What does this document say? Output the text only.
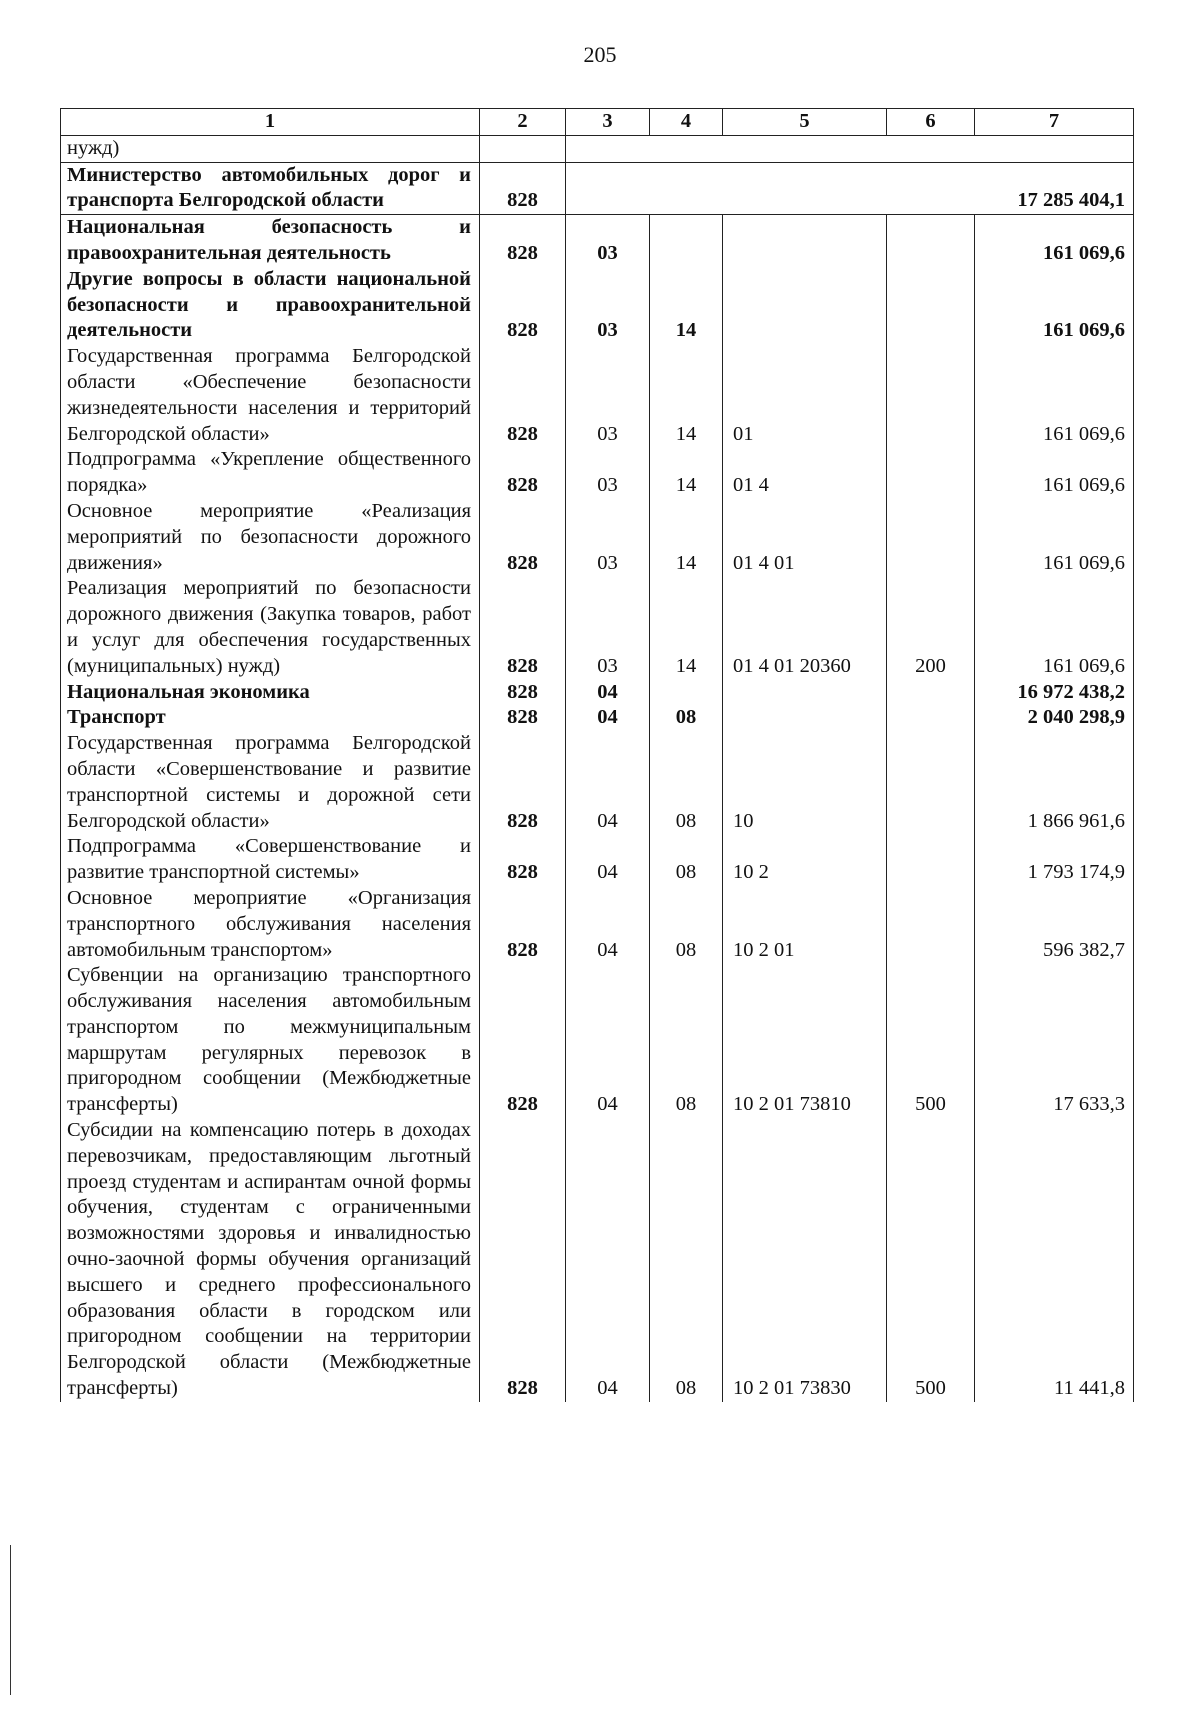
205
1	2	3	4	5	6	7
нужд)						
Министерство автомобильных дорог и транспорта Белгородской области	828					17 285 404,1
Национальная безопасность и правоохранительная деятельность	828	03				161 069,6
Другие вопросы в области национальной безопасности и правоохранительной деятельности	828	03	14			161 069,6
Государственная программа Белгородской области «Обеспечение безопасности жизнедеятельности населения и территорий Белгородской области»	828	03	14	01		161 069,6
Подпрограмма «Укрепление общественного порядка»	828	03	14	01 4		161 069,6
Основное мероприятие «Реализация мероприятий по безопасности дорожного движения»	828	03	14	01 4 01		161 069,6
Реализация мероприятий по безопасности дорожного движения (Закупка товаров, работ и услуг для обеспечения государственных (муниципальных) нужд)	828	03	14	01 4 01 20360	200	161 069,6
Национальная экономика	828	04				16 972 438,2
Транспорт	828	04	08			2 040 298,9
Государственная программа Белгородской области «Совершенствование и развитие транспортной системы и дорожной сети Белгородской области»	828	04	08	10		1 866 961,6
Подпрограмма «Совершенствование и развитие транспортной системы»	828	04	08	10 2		1 793 174,9
Основное мероприятие «Организация транспортного обслуживания населения автомобильным транспортом»	828	04	08	10 2 01		596 382,7
Субвенции на организацию транспортного обслуживания населения автомобильным транспортом по межмуниципальным маршрутам регулярных перевозок в пригородном сообщении (Межбюджетные трансферты)	828	04	08	10 2 01 73810	500	17 633,3
Субсидии на компенсацию потерь в доходах перевозчикам, предоставляющим льготный проезд студентам и аспирантам очной формы обучения, студентам с ограниченными возможностями здоровья и инвалидностью очно-заочной формы обучения организаций высшего и среднего профессионального образования области в городском или пригородном сообщении на территории Белгородской области (Межбюджетные трансферты)	828	04	08	10 2 01 73830	500	11 441,8
